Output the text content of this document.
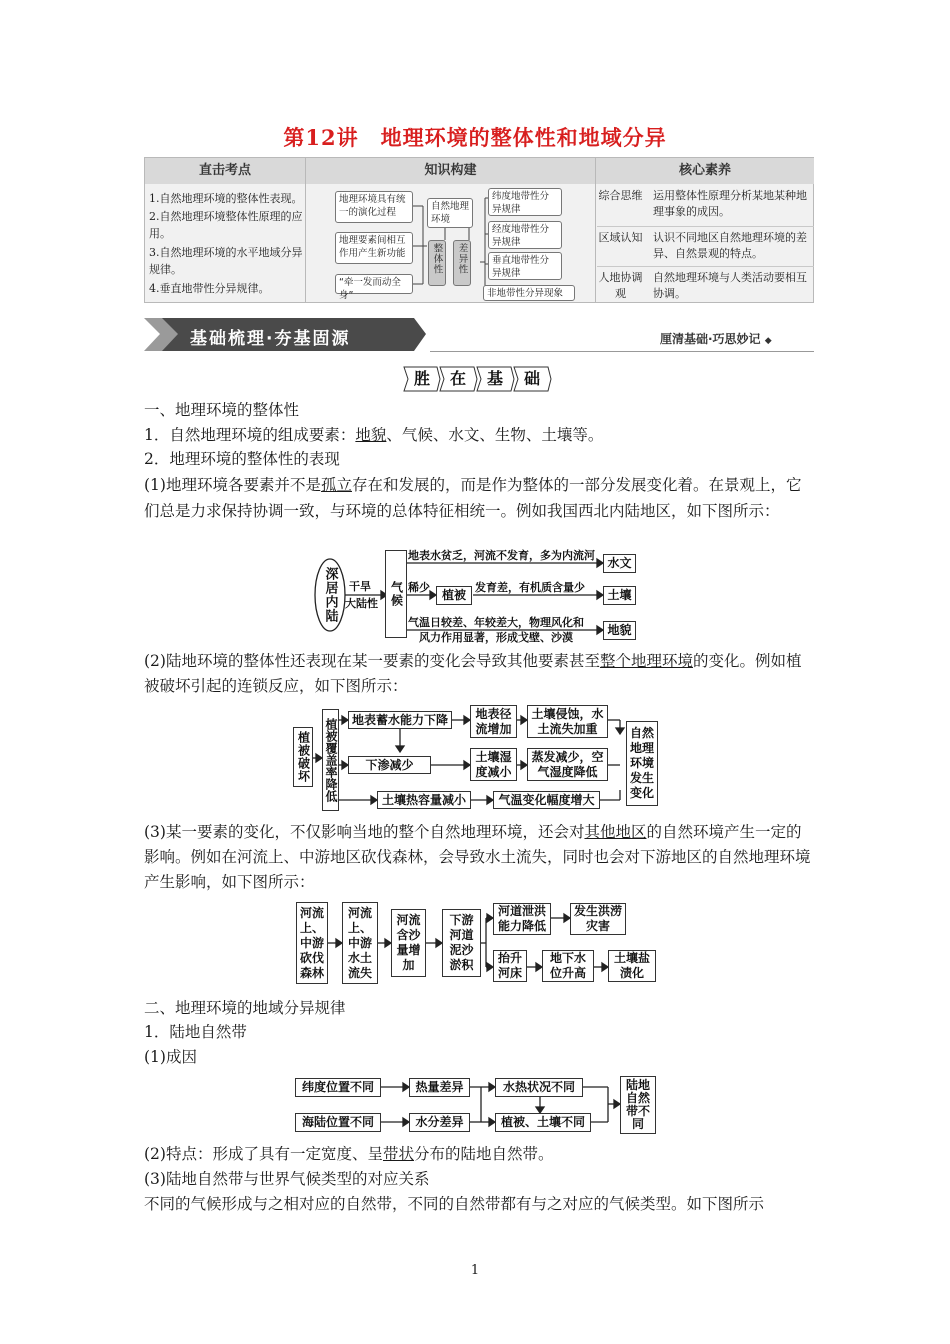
第12讲　地理环境的整体性和地域分异
直击考点	知识构建	核心素养
1.自然地理环境的整体性表现。
2.自然地理环境整体性原理的应用。
3.自然地理环境的水平地域分异规律。
4.垂直地带性分异规律。
地理环境具有统一的演化过程
地理要素间相互作用产生新功能
“牵一发而动全身”
自然地理环境
整体性	差异性
纬度地带性分异规律
经度地带性分异规律
垂直地带性分异规律
非地带性分异现象
综合思维 运用整体性原理分析某地某种地理事象的成因。
区域认知 认识不同地区自然地理环境的差异、自然景观的特点。
人地协调观
自然地理环境与人类活动要相互协调。
基础梳理·夯基固源	厘清基础·巧思妙记 ◆
胜 在 基 础
一、地理环境的整体性
1．自然地理环境的组成要素：地貌、气候、水文、生物、土壤等。
2．地理环境的整体性的表现
(1)地理环境各要素并不是孤立存在和发展的，而是作为整体的一部分发展变化着。在景观上，它们总是力求保持协调一致，与环境的总体特征相统一。例如我国西北内陆地区，如下图所示：
深居内陆 干旱
大陆性 气候
地表水贫乏，河流不发育，多为内流河
水文
稀少
植被
发育差，有机质含量少
土壤
气温日较差、年较差大，物理风化和
风力作用显著，形成戈壁、沙漠
地貌
(2)陆地环境的整体性还表现在某一要素的变化会导致其他要素甚至整个地理环境的变化。例如植被破坏引起的连锁反应，如下图所示：
植被破坏 植被覆盖率降低	地表蓄水能力下降	地表径流增加
土壤侵蚀，水土流失加重
下渗减少
土壤湿度减小
蒸发减少，空气湿度降低
土壤热容量减小	气温变化幅度增大
自然地理环境发生变化
(3)某一要素的变化，不仅影响当地的整个自然地理环境，还会对其他地区的自然环境产生一定的影响。例如在河流上、中游地区砍伐森林，会导致水土流失，同时也会对下游地区的自然地理环境产生影响，如下图所示：
河流上、中游砍伐森林
河流上、中游水土流失
河流含沙量增加
下游河道泥沙淤积
河道泄洪能力降低
发生洪涝灾害
抬升河床
地下水位升高
土壤盐渍化
二、地理环境的地域分异规律
1．陆地自然带
(1)成因
纬度位置不同	热量差异	水热状况不同
海陆位置不同	水分差异	植被、土壤不同
陆地自然带不同
(2)特点：形成了具有一定宽度、呈带状分布的陆地自然带。
(3)陆地自然带与世界气候类型的对应关系
不同的气候形成与之相对应的自然带，不同的自然带都有与之对应的气候类型。如下图所示
1
